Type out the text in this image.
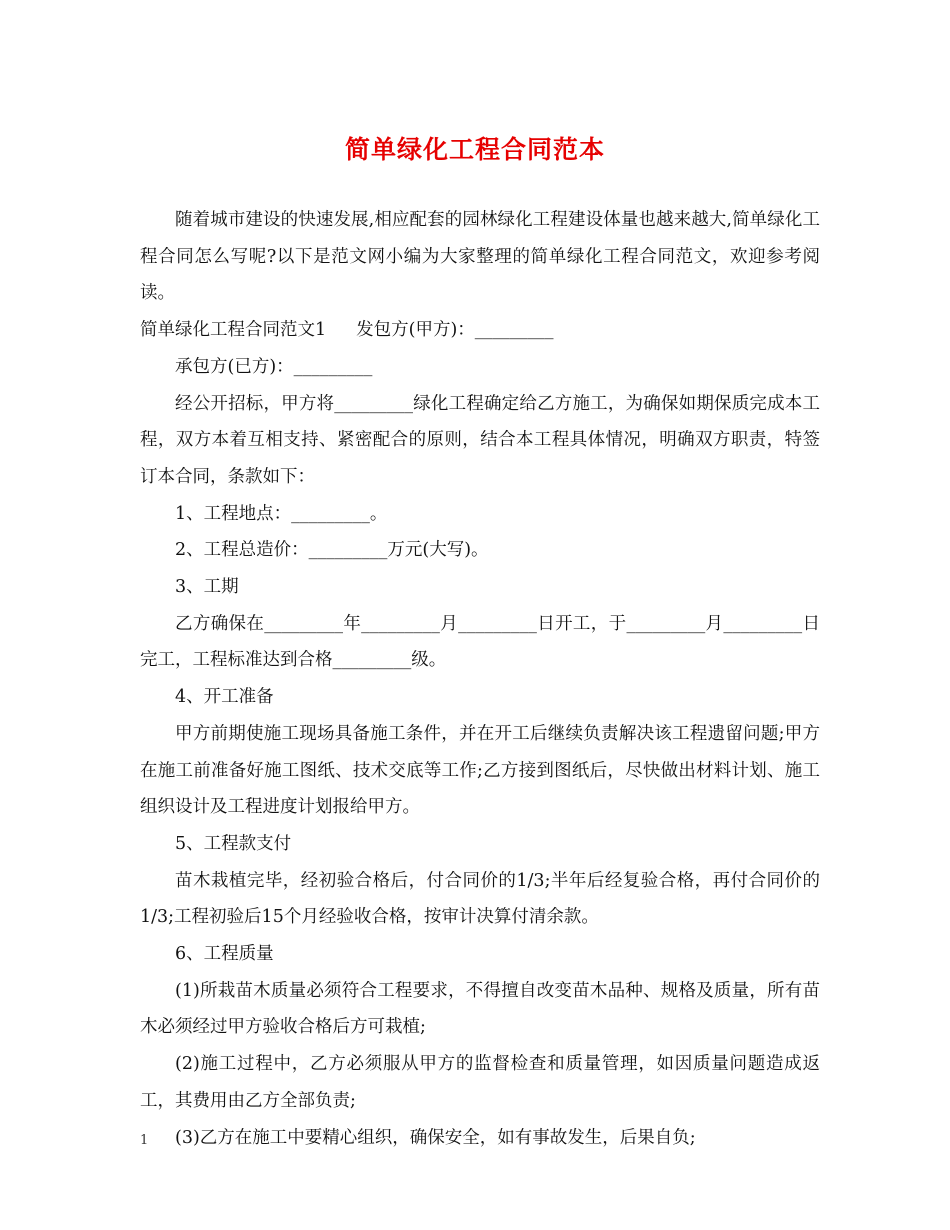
简单绿化工程合同范本

随着城市建设的快速发展,相应配套的园林绿化工程建设体量也越来越大,简单绿化工程合同怎么写呢?以下是范文网小编为大家整理的简单绿化工程合同范文，欢迎参考阅读。

简单绿化工程合同范文1 发包方(甲方)：_________

承包方(已方)：_________

经公开招标，甲方将_________绿化工程确定给乙方施工，为确保如期保质完成本工程，双方本着互相支持、紧密配合的原则，结合本工程具体情况，明确双方职责，特签订本合同，条款如下：

1、工程地点：_________。

2、工程总造价：_________万元(大写)。

3、工期

乙方确保在_________年_________月_________日开工，于_________月_________日完工，工程标准达到合格_________级。

4、开工准备

甲方前期使施工现场具备施工条件，并在开工后继续负责解决该工程遗留问题;甲方在施工前准备好施工图纸、技术交底等工作;乙方接到图纸后，尽快做出材料计划、施工组织设计及工程进度计划报给甲方。

5、工程款支付

苗木栽植完毕，经初验合格后，付合同价的1/3;半年后经复验合格，再付合同价的1/3;工程初验后15个月经验收合格，按审计决算付清余款。

6、工程质量

(1)所栽苗木质量必须符合工程要求，不得擅自改变苗木品种、规格及质量，所有苗木必须经过甲方验收合格后方可栽植;

(2)施工过程中，乙方必须服从甲方的监督检查和质量管理，如因质量问题造成返工，其费用由乙方全部负责;

(3)乙方在施工中要精心组织，确保安全，如有事故发生，后果自负;

1
